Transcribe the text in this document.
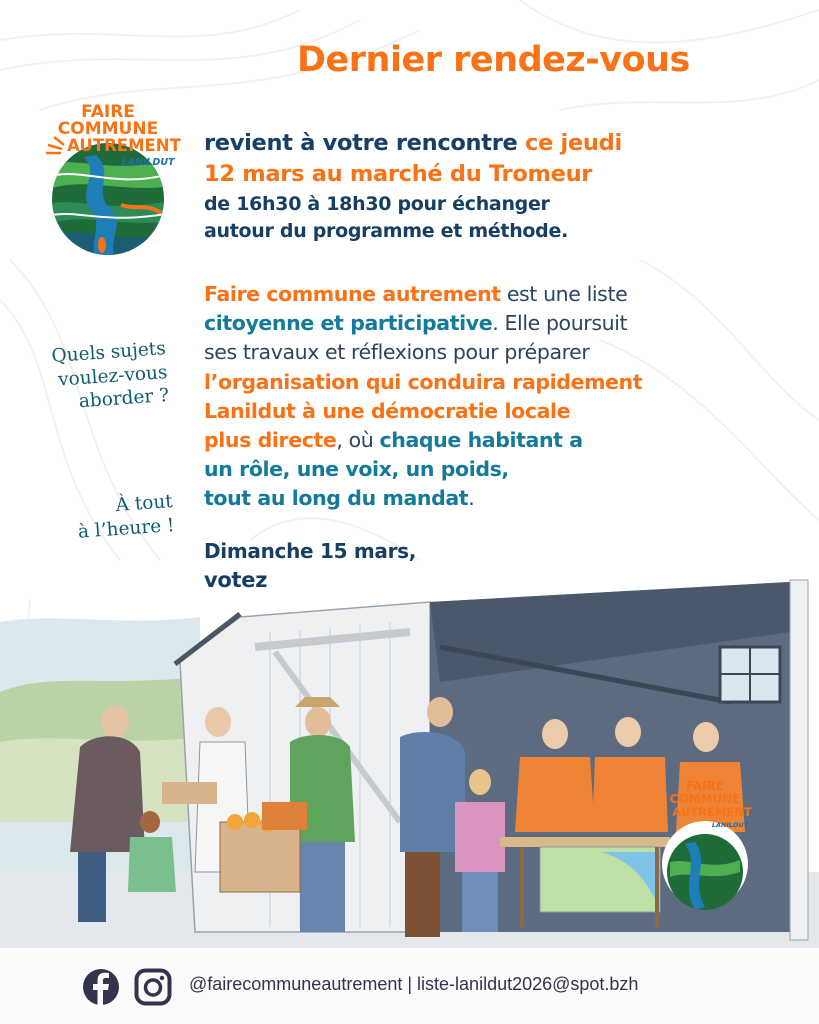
Dernier rendez-vous
FAIRE
COMMUNE
AUTREMENT
LANILDUT
revient à votre rencontre ce jeudi
12 mars au marché du Tromeur
de 16h30 à 18h30 pour échanger
autour du programme et méthode.
Faire commune autrement est une liste
citoyenne et participative. Elle poursuit
ses travaux et réflexions pour préparer
l’organisation qui conduira rapidement
Lanildut à une démocratie locale
plus directe, où chaque habitant a
un rôle, une voix, un poids,
tout au long du mandat.
Quels sujets
voulez-vous
aborder ?
À tout
à l’heure !
Dimanche 15 mars,
votez
FAIRE
COMMUNE
AUTREMENT
LANILDUT
@fairecommuneautrement | liste-lanildut2026@spot.bzh
